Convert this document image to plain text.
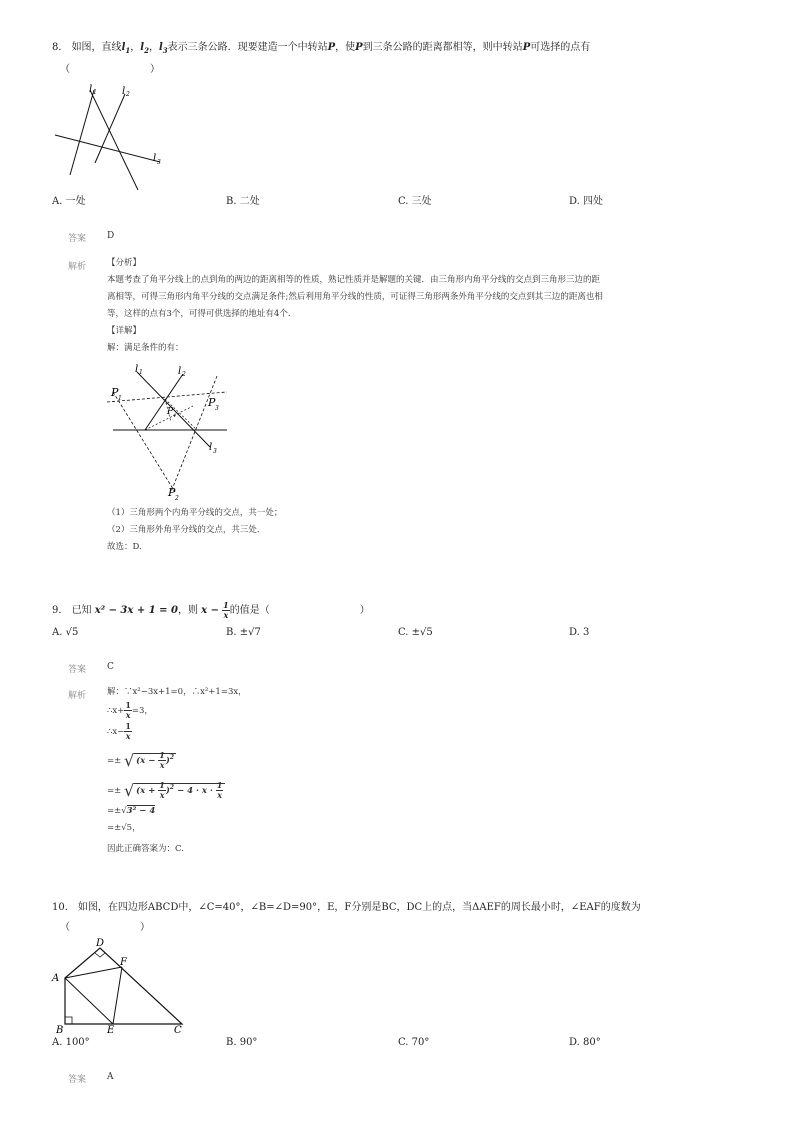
8． 如图，直线$l_1$，$l_2$，$l_3$表示三条公路．现要建造一个中转站P，使P到三条公路的距离都相等，则中转站P可选择的点有
（　　　　　　　　）
l 1	l 2
l 3
A. 一处	B. 二处	C. 三处	D. 四处
答案 D
解析 【分析】
本题考查了角平分线上的点到角的两边的距离相等的性质，熟记性质并是解题的关键．由三角形内角平分线的交点到三角形三边的距
离相等，可得三角形内角平分线的交点满足条件;然后利用角平分线的性质，可证得三角形两条外角平分线的交点到其三边的距离也相
等，这样的点有3个，可得可供选择的地址有4个.
【详解】
解：满足条件的有：
l 1	l 2
l 3
P 1	P 3
P 4
P 2
（1）三角形两个内角平分线的交点，共一处；
（2）三角形外角平分线的交点，共三处．
故选：D.
9． 已知 x² − 3x + 1 = 0，则 $x - \frac{1}{x}$ 的值是（　　　　　　　　　）
A. √5	B. ±√7	C. ±√5	D. 3
答案 C
解析 解：∵x²−3x+1=0，∴x²+1=3x，
∴x+ $\frac{1}{x} =3$，
∴x− $\frac{1}{x}$
=± √ $(x - \frac{1}{x} )^2$
=± √ $(x + \frac{1}{x} )^2 - 4 \cdot x \cdot \frac{1}{x}$
=±√3² − 4
=±√5，
因此正确答案为：C.
10． 如图，在四边形ABCD中，∠C=40°，∠B=∠D=90°，E，F分别是BC，DC上的点，当ΔAEF的周长最小时，∠EAF的度数为
（　　　　　　　）
A
B	C
D
E
F
A. 100°	B. 90°	C. 70°	D. 80°
答案 A
